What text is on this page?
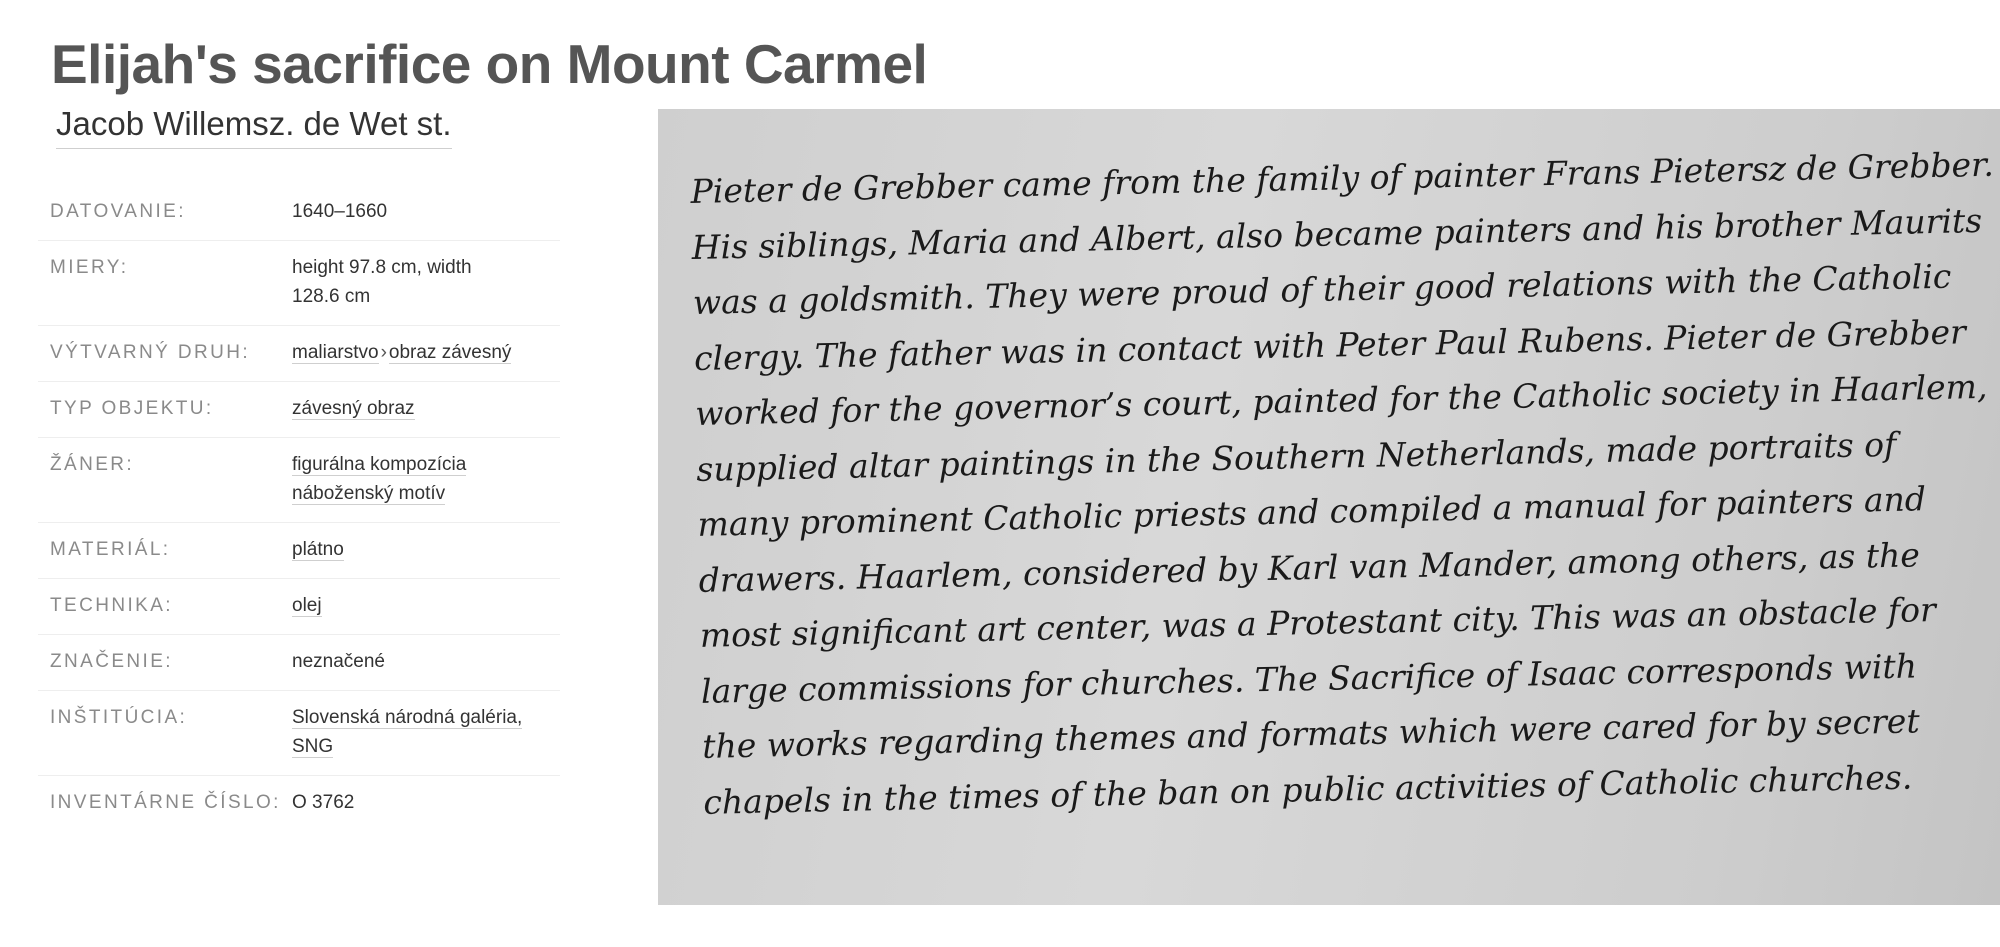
Elijah's sacrifice on Mount Carmel
Jacob Willemsz. de Wet st.
DATOVANIE:	1640–1660
MIERY:	height 97.8 cm, width
128.6 cm
VÝTVARNÝ DRUH:	maliarstvo › obraz závesný
TYP OBJEKTU:	závesný obraz
ŽÁNER:	figurálna kompozícia
náboženský motív
MATERIÁL:	plátno
TECHNIKA:	olej
ZNAČENIE:	neznačené
INŠTITÚCIA:	Slovenská národná galéria, SNG
INVENTÁRNE ČÍSLO:	O 3762
Pieter de Grebber came from the family of painter Frans Pietersz de Grebber.
His siblings, Maria and Albert, also became painters and his brother Maurits
was a goldsmith. They were proud of their good relations with the Catholic
clergy. The father was in contact with Peter Paul Rubens. Pieter de Grebber
worked for the governor’s court, painted for the Catholic society in Haarlem,
supplied altar paintings in the Southern Netherlands, made portraits of
many prominent Catholic priests and compiled a manual for painters and
drawers. Haarlem, considered by Karl van Mander, among others, as the
most significant art center, was a Protestant city. This was an obstacle for
large commissions for churches. The Sacrifice of Isaac corresponds with
the works regarding themes and formats which were cared for by secret
chapels in the times of the ban on public activities of Catholic churches.
